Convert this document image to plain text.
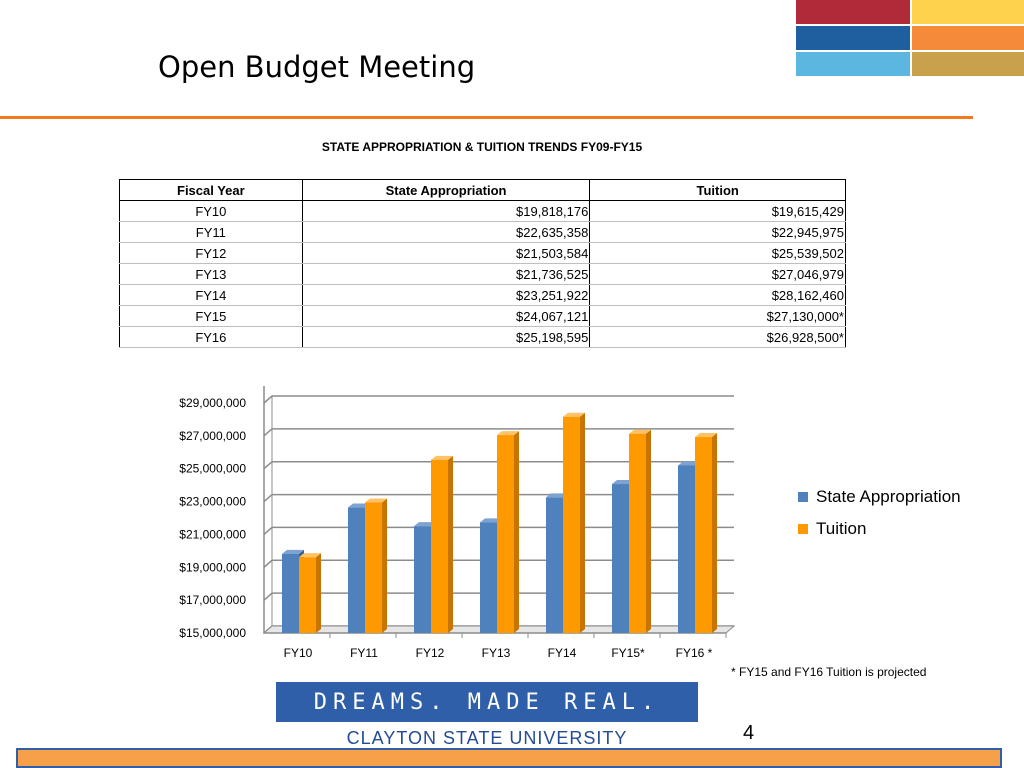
Open Budget Meeting
STATE APPROPRIATION & TUITION TRENDS FY09-FY15
Fiscal Year	State Appropriation	Tuition
FY10	$19,818,176	$19,615,429
FY11	$22,635,358	$22,945,975
FY12	$21,503,584	$25,539,502
FY13	$21,736,525	$27,046,979
FY14	$23,251,922	$28,162,460
FY15	$24,067,121	$27,130,000*
FY16	$25,198,595	$26,928,500*
$15,000,000
$17,000,000
$19,000,000
$21,000,000
$23,000,000
$25,000,000
$27,000,000
$29,000,000
FY10	FY11	FY12	FY13	FY14	FY15*	FY16 *
State Appropriation
Tuition
* FY15 and FY16 Tuition is projected
DREAMS. MADE REAL.
CLAYTON STATE UNIVERSITY	4
